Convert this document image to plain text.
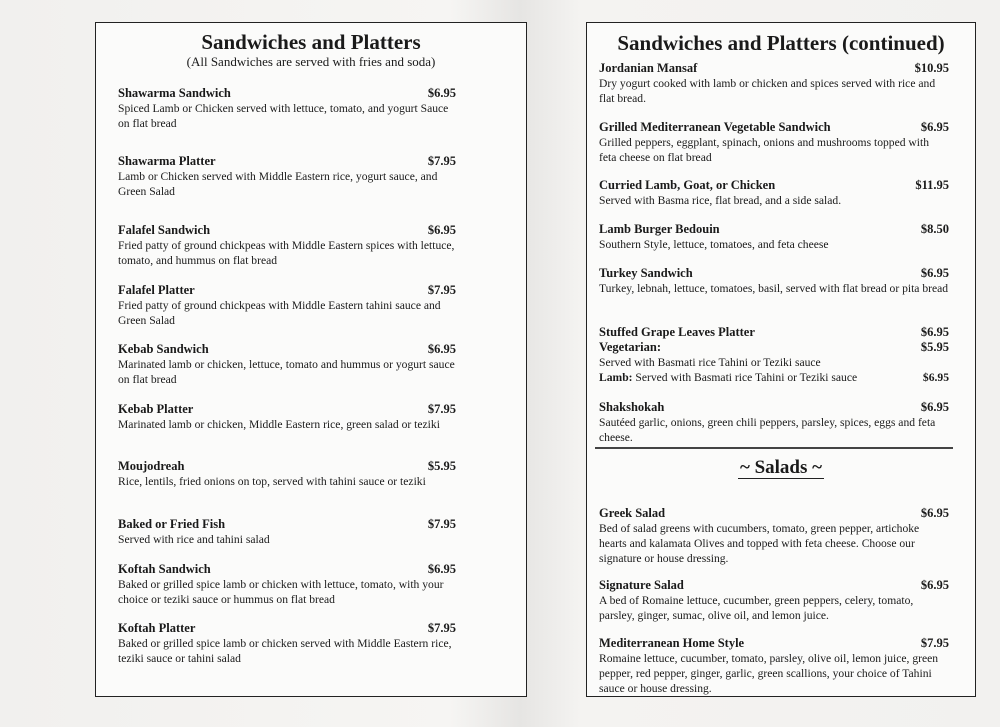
Sandwiches and Platters

(All Sandwiches are served with fries and soda)

Shawarma Sandwich	$6.95
Spiced Lamb or Chicken served with lettuce, tomato, and yogurt Sauce on flat bread
Shawarma Platter	$7.95
Lamb or Chicken served with Middle Eastern rice, yogurt sauce, and Green Salad
Falafel Sandwich	$6.95
Fried patty of ground chickpeas with Middle Eastern spices with lettuce, tomato, and hummus on flat bread
Falafel Platter	$7.95
Fried patty of ground chickpeas with Middle Eastern tahini sauce and Green Salad
Kebab Sandwich	$6.95
Marinated lamb or chicken, lettuce, tomato and hummus or yogurt sauce on flat bread
Kebab Platter	$7.95
Marinated lamb or chicken, Middle Eastern rice, green salad or teziki
Moujodreah	$5.95
Rice, lentils, fried onions on top, served with tahini sauce or teziki
Baked or Fried Fish	$7.95
Served with rice and tahini salad
Koftah Sandwich	$6.95
Baked or grilled spice lamb or chicken with lettuce, tomato, with your choice or teziki sauce or hummus on flat bread
Koftah Platter	$7.95
Baked or grilled spice lamb or chicken served with Middle Eastern rice, teziki sauce or tahini salad
Sandwiches and Platters (continued)
Jordanian Mansaf	$10.95
Dry yogurt cooked with lamb or chicken and spices served with rice and flat bread.
Grilled Mediterranean Vegetable Sandwich	$6.95
Grilled peppers, eggplant, spinach, onions and mushrooms topped with feta cheese on flat bread
Curried Lamb, Goat, or Chicken	$11.95
Served with Basma rice, flat bread, and a side salad.
Lamb Burger Bedouin	$8.50
Southern Style, lettuce, tomatoes, and feta cheese
Turkey Sandwich	$6.95
Turkey, lebnah, lettuce, tomatoes, basil, served with flat bread or pita bread
Stuffed Grape Leaves Platter	$6.95
Vegetarian:	$5.95
Served with Basmati rice Tahini or Teziki sauce
Lamb: Served with Basmati rice Tahini or Teziki sauce	$6.95
Shakshokah	$6.95
Sautéed garlic, onions, green chili peppers, parsley, spices, eggs and feta cheese.
~ Salads ~
Greek Salad	$6.95
Bed of salad greens with cucumbers, tomato, green pepper, artichoke hearts and kalamata Olives and topped with feta cheese. Choose our signature or house dressing.
Signature Salad	$6.95
A bed of Romaine lettuce, cucumber, green peppers, celery, tomato, parsley, ginger, sumac, olive oil, and lemon juice.
Mediterranean Home Style	$7.95
Romaine lettuce, cucumber, tomato, parsley, olive oil, lemon juice, green pepper, red pepper, ginger, garlic, green scallions, your choice of Tahini sauce or house dressing.
